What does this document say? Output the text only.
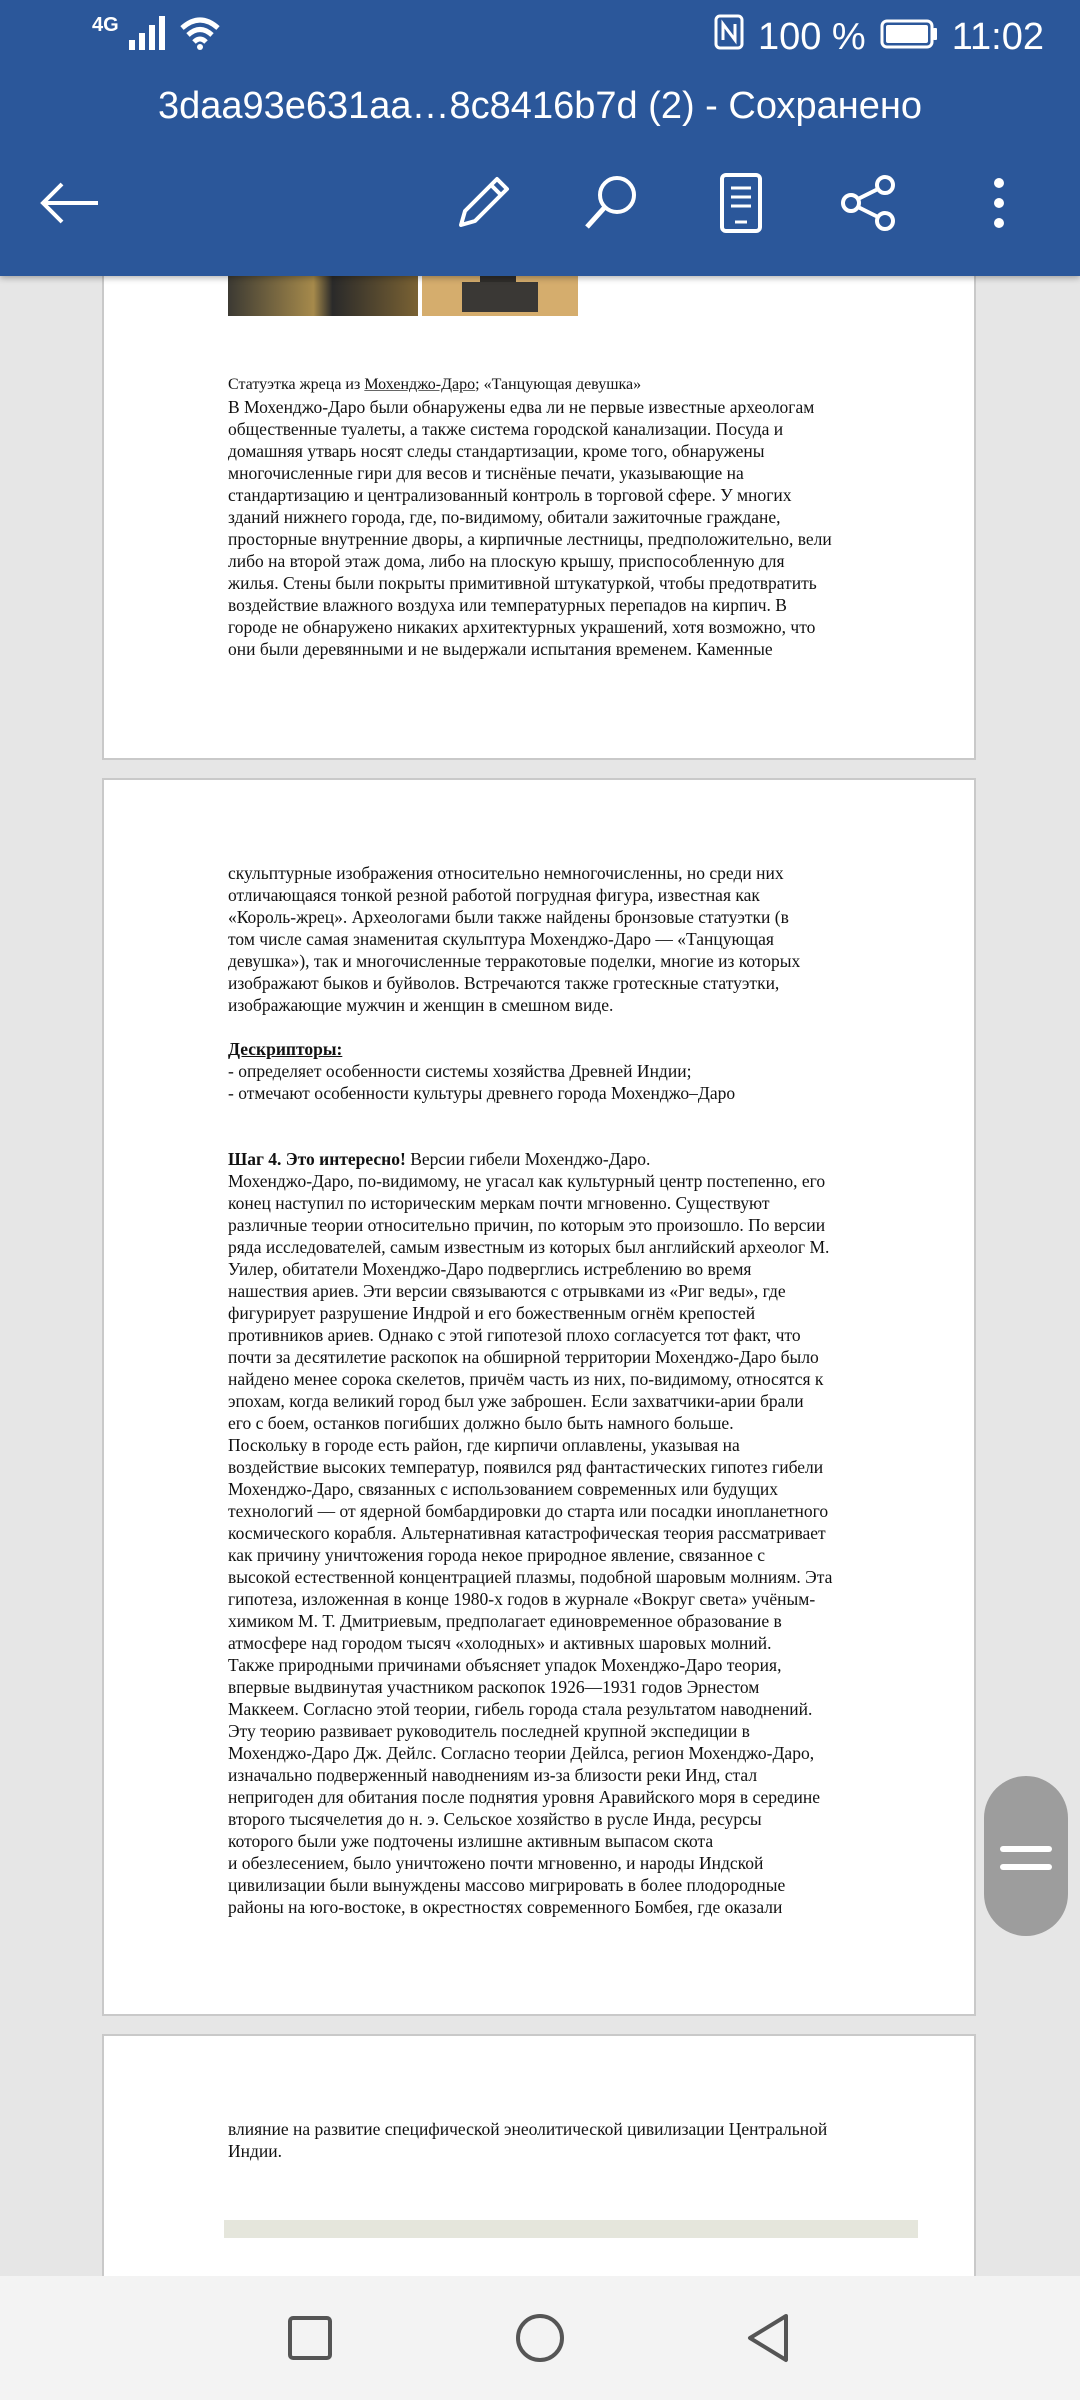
4G	100 % 11:02
3daa93e631aa…8c8416b7d (2) - Сохранено

Статуэтка жреца из Мохенджо-Даро; «Танцующая девушка»

В Мохенджо-Даро были обнаружены едва ли не первые известные археологам

общественные туалеты, а также система городской канализации. Посуда и

домашняя утварь носят следы стандартизации, кроме того, обнаружены

многочисленные гири для весов и тиснёные печати, указывающие на

стандартизацию и централизованный контроль в торговой сфере. У многих

зданий нижнего города, где, по-видимому, обитали зажиточные граждане,

просторные внутренние дворы, а кирпичные лестницы, предположительно, вели

либо на второй этаж дома, либо на плоскую крышу, приспособленную для

жилья. Стены были покрыты примитивной штукатуркой, чтобы предотвратить

воздействие влажного воздуха или температурных перепадов на кирпич. В

городе не обнаружено никаких архитектурных украшений, хотя возможно, что

они были деревянными и не выдержали испытания временем. Каменные

скульптурные изображения относительно немногочисленны, но среди них

отличающаяся тонкой резной работой погрудная фигура, известная как

«Король-жрец». Археологами были также найдены бронзовые статуэтки (в

том числе самая знаменитая скульптура Мохенджо-Даро — «Танцующая

девушка»), так и многочисленные терракотовые поделки, многие из которых

изображают быков и буйволов. Встречаются также гротескные статуэтки,

изображающие мужчин и женщин в смешном виде.

Дескрипторы:

- определяет особенности системы хозяйства Древней Индии;

- отмечают особенности культуры древнего города Мохенджо–Даро

Шаг 4. Это интересно! Версии гибели Мохенджо-Даро.

Мохенджо-Даро, по-видимому, не угасал как культурный центр постепенно, его

конец наступил по историческим меркам почти мгновенно. Существуют

различные теории относительно причин, по которым это произошло. По версии

ряда исследователей, самым известным из которых был английский археолог М.

Уилер, обитатели Мохенджо-Даро подверглись истреблению во время

нашествия ариев. Эти версии связываются с отрывками из «Риг веды», где

фигурирует разрушение Индрой и его божественным огнём крепостей

противников ариев. Однако с этой гипотезой плохо согласуется тот факт, что

почти за десятилетие раскопок на обширной территории Мохенджо-Даро было

найдено менее сорока скелетов, причём часть из них, по-видимому, относятся к

эпохам, когда великий город был уже заброшен. Если захватчики-арии брали

его с боем, останков погибших должно было быть намного больше.

Поскольку в городе есть район, где кирпичи оплавлены, указывая на

воздействие высоких температур, появился ряд фантастических гипотез гибели

Мохенджо-Даро, связанных с использованием современных или будущих

технологий — от ядерной бомбардировки до старта или посадки инопланетного

космического корабля. Альтернативная катастрофическая теория рассматривает

как причину уничтожения города некое природное явление, связанное с

высокой естественной концентрацией плазмы, подобной шаровым молниям. Эта

гипотеза, изложенная в конце 1980-х годов в журнале «Вокруг света» учёным-

химиком М. Т. Дмитриевым, предполагает единовременное образование в

атмосфере над городом тысяч «холодных» и активных шаровых молний.

Также природными причинами объясняет упадок Мохенджо-Даро теория,

впервые выдвинутая участником раскопок 1926—1931 годов Эрнестом

Маккеем. Согласно этой теории, гибель города стала результатом наводнений.

Эту теорию развивает руководитель последней крупной экспедиции в

Мохенджо-Даро Дж. Дейлс. Согласно теории Дейлса, регион Мохенджо-Даро,

изначально подверженный наводнениям из-за близости реки Инд, стал

непригоден для обитания после поднятия уровня Аравийского моря в середине

второго тысячелетия до н. э. Сельское хозяйство в русле Инда, ресурсы

которого были уже подточены излишне активным выпасом скота

и обезлесением, было уничтожено почти мгновенно, и народы Индской

цивилизации были вынуждены массово мигрировать в более плодородные

районы на юго-востоке, в окрестностях современного Бомбея, где оказали

влияние на развитие специфической энеолитической цивилизации Центральной

Индии.
